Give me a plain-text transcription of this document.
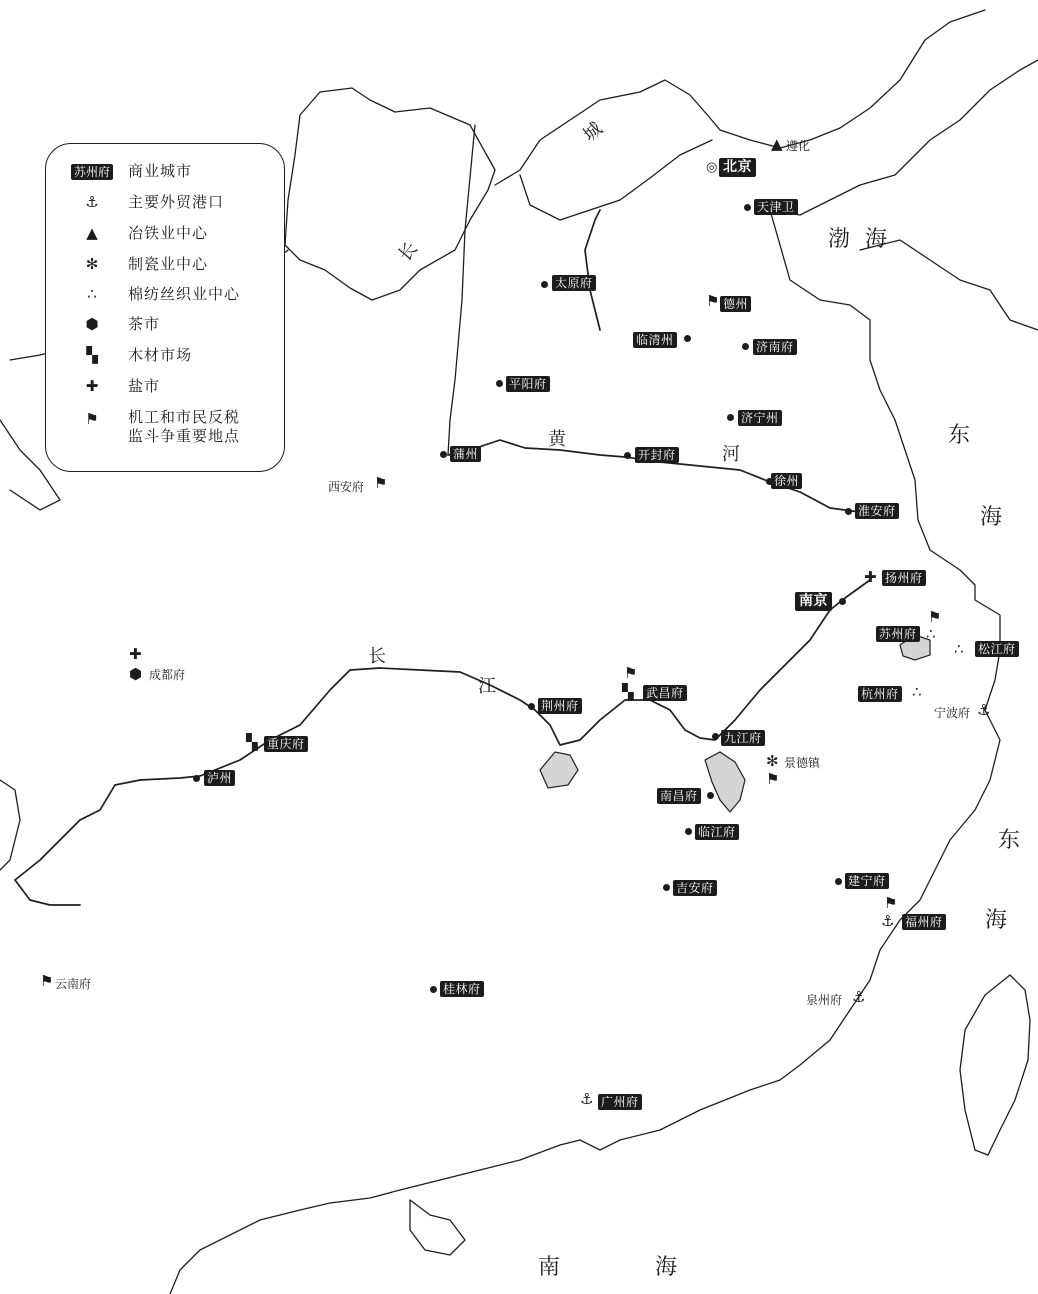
苏州府	商业城市
⚓	主要外贸港口
▲	冶铁业中心
✻	制瓷业中心
∴	棉纺丝织业中心
⬢	茶市
▚	木材市场
✚	盐市
⚑	机工和市民反税
监斗争重要地点
渤 海
东
海
东
海
南	海
长
城
黄
河
长
江
◎
▲
⚑
⚑
✚
⚑
∴
∴
∴
⚓
✚
⬢	⚑
▚
▚
✻
⚑
⚑
⚓
⚓
⚓
⚑
北京
天津卫
太原府
德州
临清州	济南府
平阳府
济宁州
蒲州	开封府
徐州
淮安府
扬州府
南京
苏州府
松江府
杭州府
武昌府
荆州府
九江府
重庆府
泸州
南昌府
临江府
吉安府	建宁府
福州府
桂林府
广州府
遵化
西安府
成都府
宁波府
景德镇
泉州府
云南府
